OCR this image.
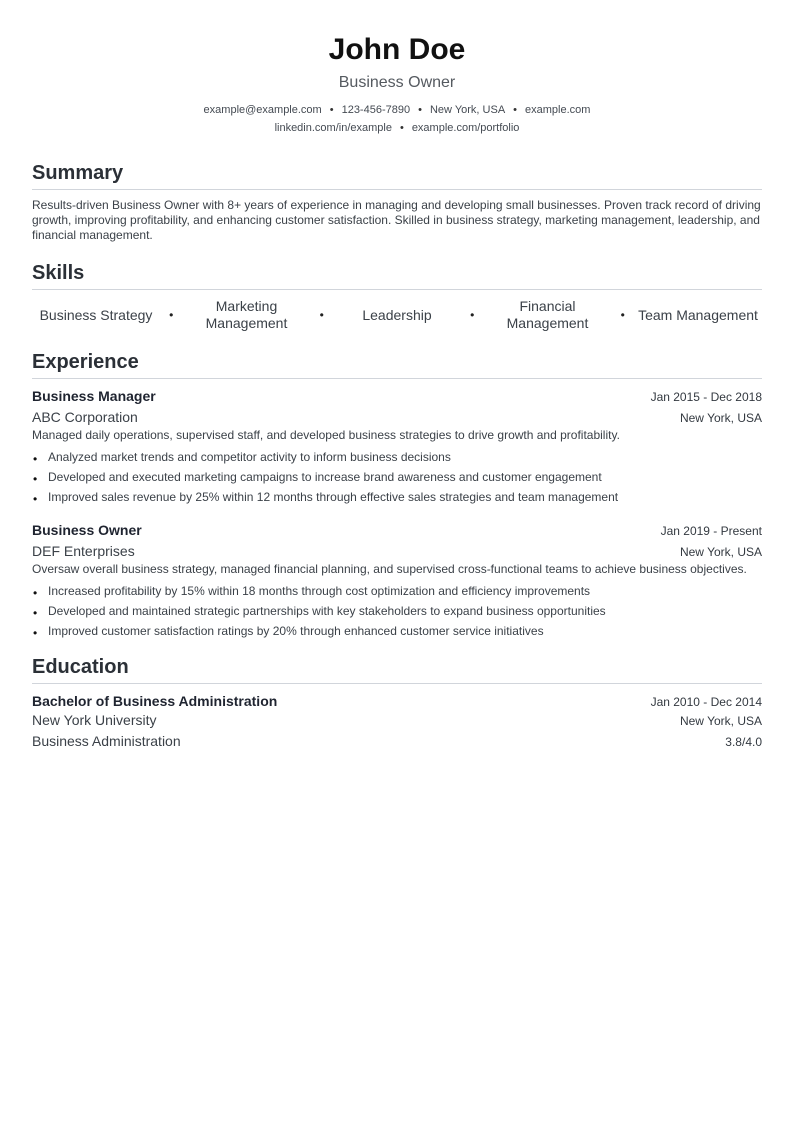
John Doe
Business Owner
example@example.com • 123-456-7890 • New York, USA • example.com
linkedin.com/in/example • example.com/portfolio
Summary

Results-driven Business Owner with 8+ years of experience in managing and developing small businesses. Proven track record of driving growth, improving profitability, and enhancing customer satisfaction. Skilled in business strategy, marketing management, leadership, and financial management.

Skills
Business Strategy	•
Marketing Management	•	Leadership	•
Financial Management	• Team Management
Experience
Business Manager	Jan 2015 - Dec 2018
ABC Corporation	New York, USA
Managed daily operations, supervised staff, and developed business strategies to drive growth and profitability.
• Analyzed market trends and competitor activity to inform business decisions
• Developed and executed marketing campaigns to increase brand awareness and customer engagement
• Improved sales revenue by 25% within 12 months through effective sales strategies and team management
Business Owner	Jan 2019 - Present
DEF Enterprises	New York, USA
Oversaw overall business strategy, managed financial planning, and supervised cross-functional teams to achieve business objectives.
• Increased profitability by 15% within 18 months through cost optimization and efficiency improvements
• Developed and maintained strategic partnerships with key stakeholders to expand business opportunities
• Improved customer satisfaction ratings by 20% through enhanced customer service initiatives
Education
Bachelor of Business Administration	Jan 2010 - Dec 2014
New York University	New York, USA
Business Administration	3.8/4.0
